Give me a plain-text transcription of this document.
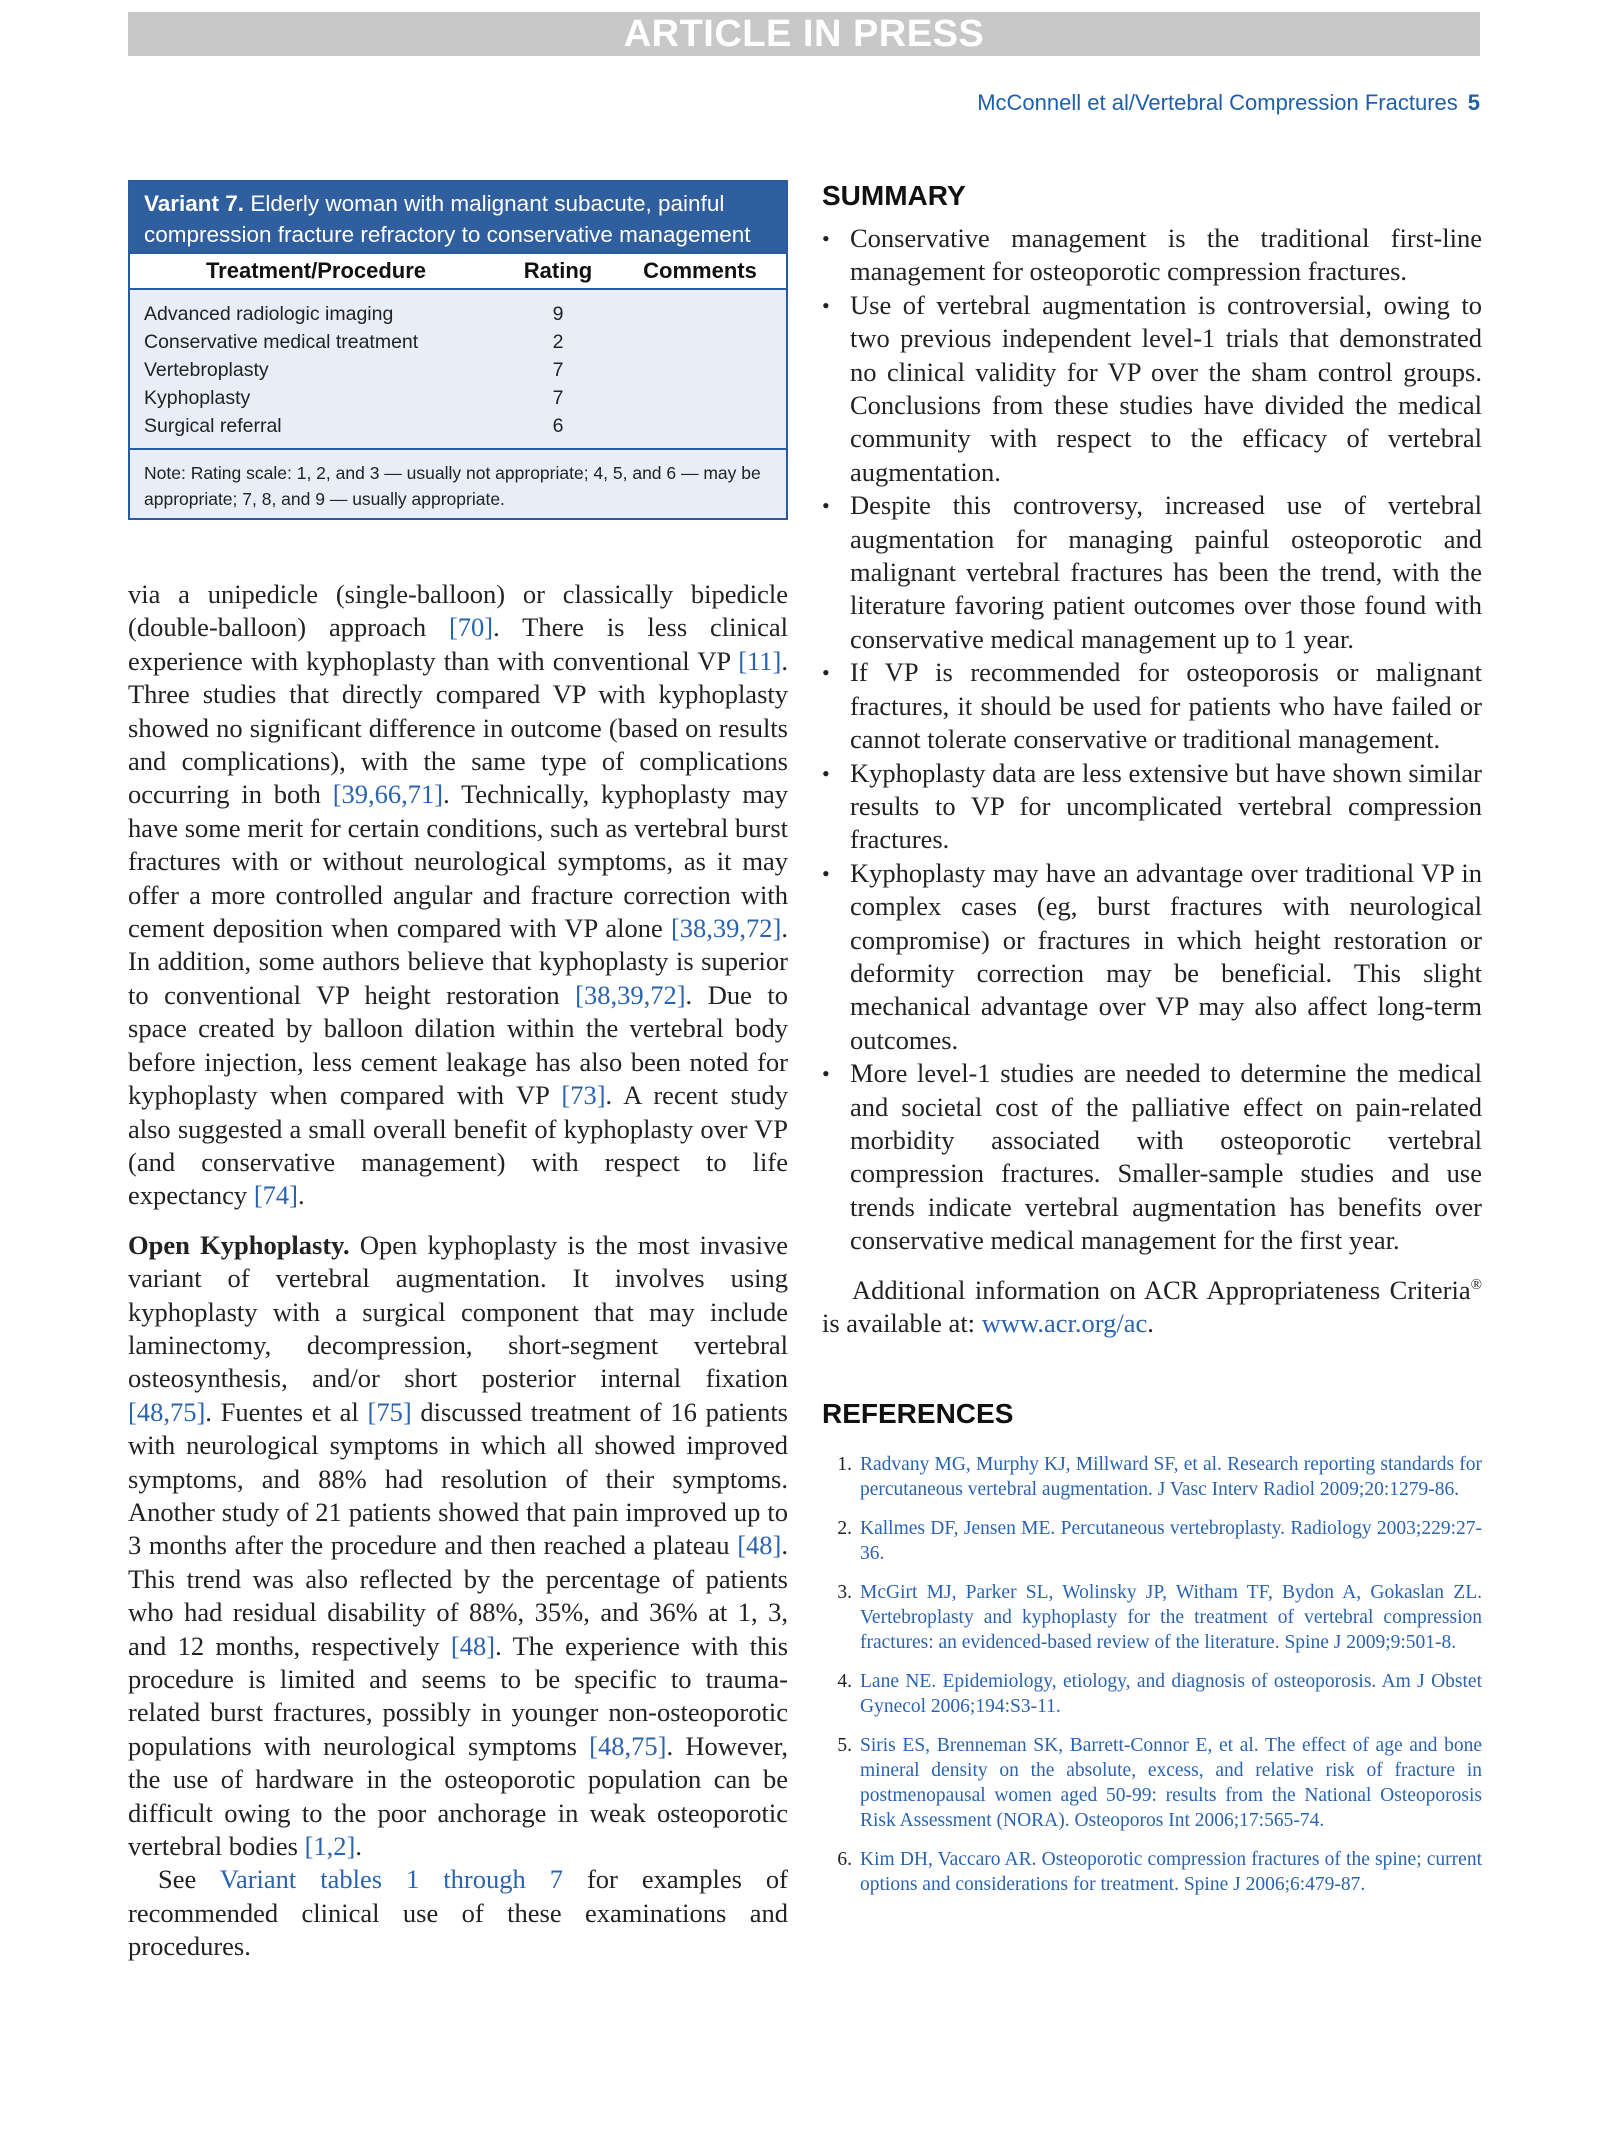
ARTICLE IN PRESS
McConnell et al/Vertebral Compression Fractures 5
Variant 7. Elderly woman with malignant subacute, painful compression fracture refractory to conservative management
Treatment/Procedure	Rating	Comments
Advanced radiologic imaging	9
Conservative medical treatment	2
Vertebroplasty	7
Kyphoplasty	7
Surgical referral	6
Note: Rating scale: 1, 2, and 3 — usually not appropriate; 4, 5, and 6 — may be appropriate; 7, 8, and 9 — usually appropriate.

via a unipedicle (single-balloon) or classically bipedicle (double-balloon) approach [70]. There is less clinical experience with kyphoplasty than with conventional VP [11]. Three studies that directly compared VP with kyphoplasty showed no significant difference in outcome (based on results and complications), with the same type of complications occurring in both [39,66,71]. Technically, kyphoplasty may have some merit for certain conditions, such as vertebral burst fractures with or without neurological symptoms, as it may offer a more controlled angular and fracture correction with cement deposition when compared with VP alone [38,39,72]. In addition, some authors believe that kyphoplasty is superior to conventional VP height restoration [38,39,72]. Due to space created by balloon dilation within the vertebral body before injection, less cement leakage has also been noted for kyphoplasty when compared with VP [73]. A recent study also suggested a small overall benefit of kyphoplasty over VP (and conservative management) with respect to life expectancy [74].

Open Kyphoplasty. Open kyphoplasty is the most invasive variant of vertebral augmentation. It involves using kyphoplasty with a surgical component that may include laminectomy, decompression, short-segment vertebral osteosynthesis, and/or short posterior internal fixation [48,75]. Fuentes et al [75] discussed treatment of 16 patients with neurological symptoms in which all showed improved symptoms, and 88% had resolution of their symptoms. Another study of 21 patients showed that pain improved up to 3 months after the procedure and then reached a plateau [48]. This trend was also reflected by the percentage of patients who had residual disability of 88%, 35%, and 36% at 1, 3, and 12 months, respectively [48]. The experience with this procedure is limited and seems to be specific to trauma-related burst fractures, possibly in younger non-osteoporotic populations with neurological symptoms [48,75]. However, the use of hardware in the osteoporotic population can be difficult owing to the poor anchorage in weak osteoporotic vertebral bodies [1,2].

See Variant tables 1 through 7 for examples of recommended clinical use of these examinations and procedures.

SUMMARY
• Conservative management is the traditional first-line management for osteoporotic compression fractures.
• Use of vertebral augmentation is controversial, owing to two previous independent level-1 trials that demonstrated no clinical validity for VP over the sham control groups. Conclusions from these studies have divided the medical community with respect to the efficacy of vertebral augmentation.
• Despite this controversy, increased use of vertebral augmentation for managing painful osteoporotic and malignant vertebral fractures has been the trend, with the literature favoring patient outcomes over those found with conservative medical management up to 1 year.
• If VP is recommended for osteoporosis or malignant fractures, it should be used for patients who have failed or cannot tolerate conservative or traditional management.
• Kyphoplasty data are less extensive but have shown similar results to VP for uncomplicated vertebral compression fractures.
• Kyphoplasty may have an advantage over traditional VP in complex cases (eg, burst fractures with neurological compromise) or fractures in which height restoration or deformity correction may be beneficial. This slight mechanical advantage over VP may also affect long-term outcomes.
• More level-1 studies are needed to determine the medical and societal cost of the palliative effect on pain-related morbidity associated with osteoporotic vertebral compression fractures. Smaller-sample studies and use trends indicate vertebral augmentation has benefits over conservative medical management for the first year.
Additional information on ACR Appropriateness Criteria® is available at: www.acr.org/ac.
REFERENCES
1. Radvany MG, Murphy KJ, Millward SF, et al. Research reporting standards for percutaneous vertebral augmentation. J Vasc Interv Radiol 2009;20:1279-86.
2. Kallmes DF, Jensen ME. Percutaneous vertebroplasty. Radiology 2003;229:27-36.
3. McGirt MJ, Parker SL, Wolinsky JP, Witham TF, Bydon A, Gokaslan ZL. Vertebroplasty and kyphoplasty for the treatment of vertebral compression fractures: an evidenced-based review of the literature. Spine J 2009;9:501-8.
4. Lane NE. Epidemiology, etiology, and diagnosis of osteoporosis. Am J Obstet Gynecol 2006;194:S3-11.
5. Siris ES, Brenneman SK, Barrett-Connor E, et al. The effect of age and bone mineral density on the absolute, excess, and relative risk of fracture in postmenopausal women aged 50-99: results from the National Osteoporosis Risk Assessment (NORA). Osteoporos Int 2006;17:565-74.
6. Kim DH, Vaccaro AR. Osteoporotic compression fractures of the spine; current options and considerations for treatment. Spine J 2006;6:479-87.
